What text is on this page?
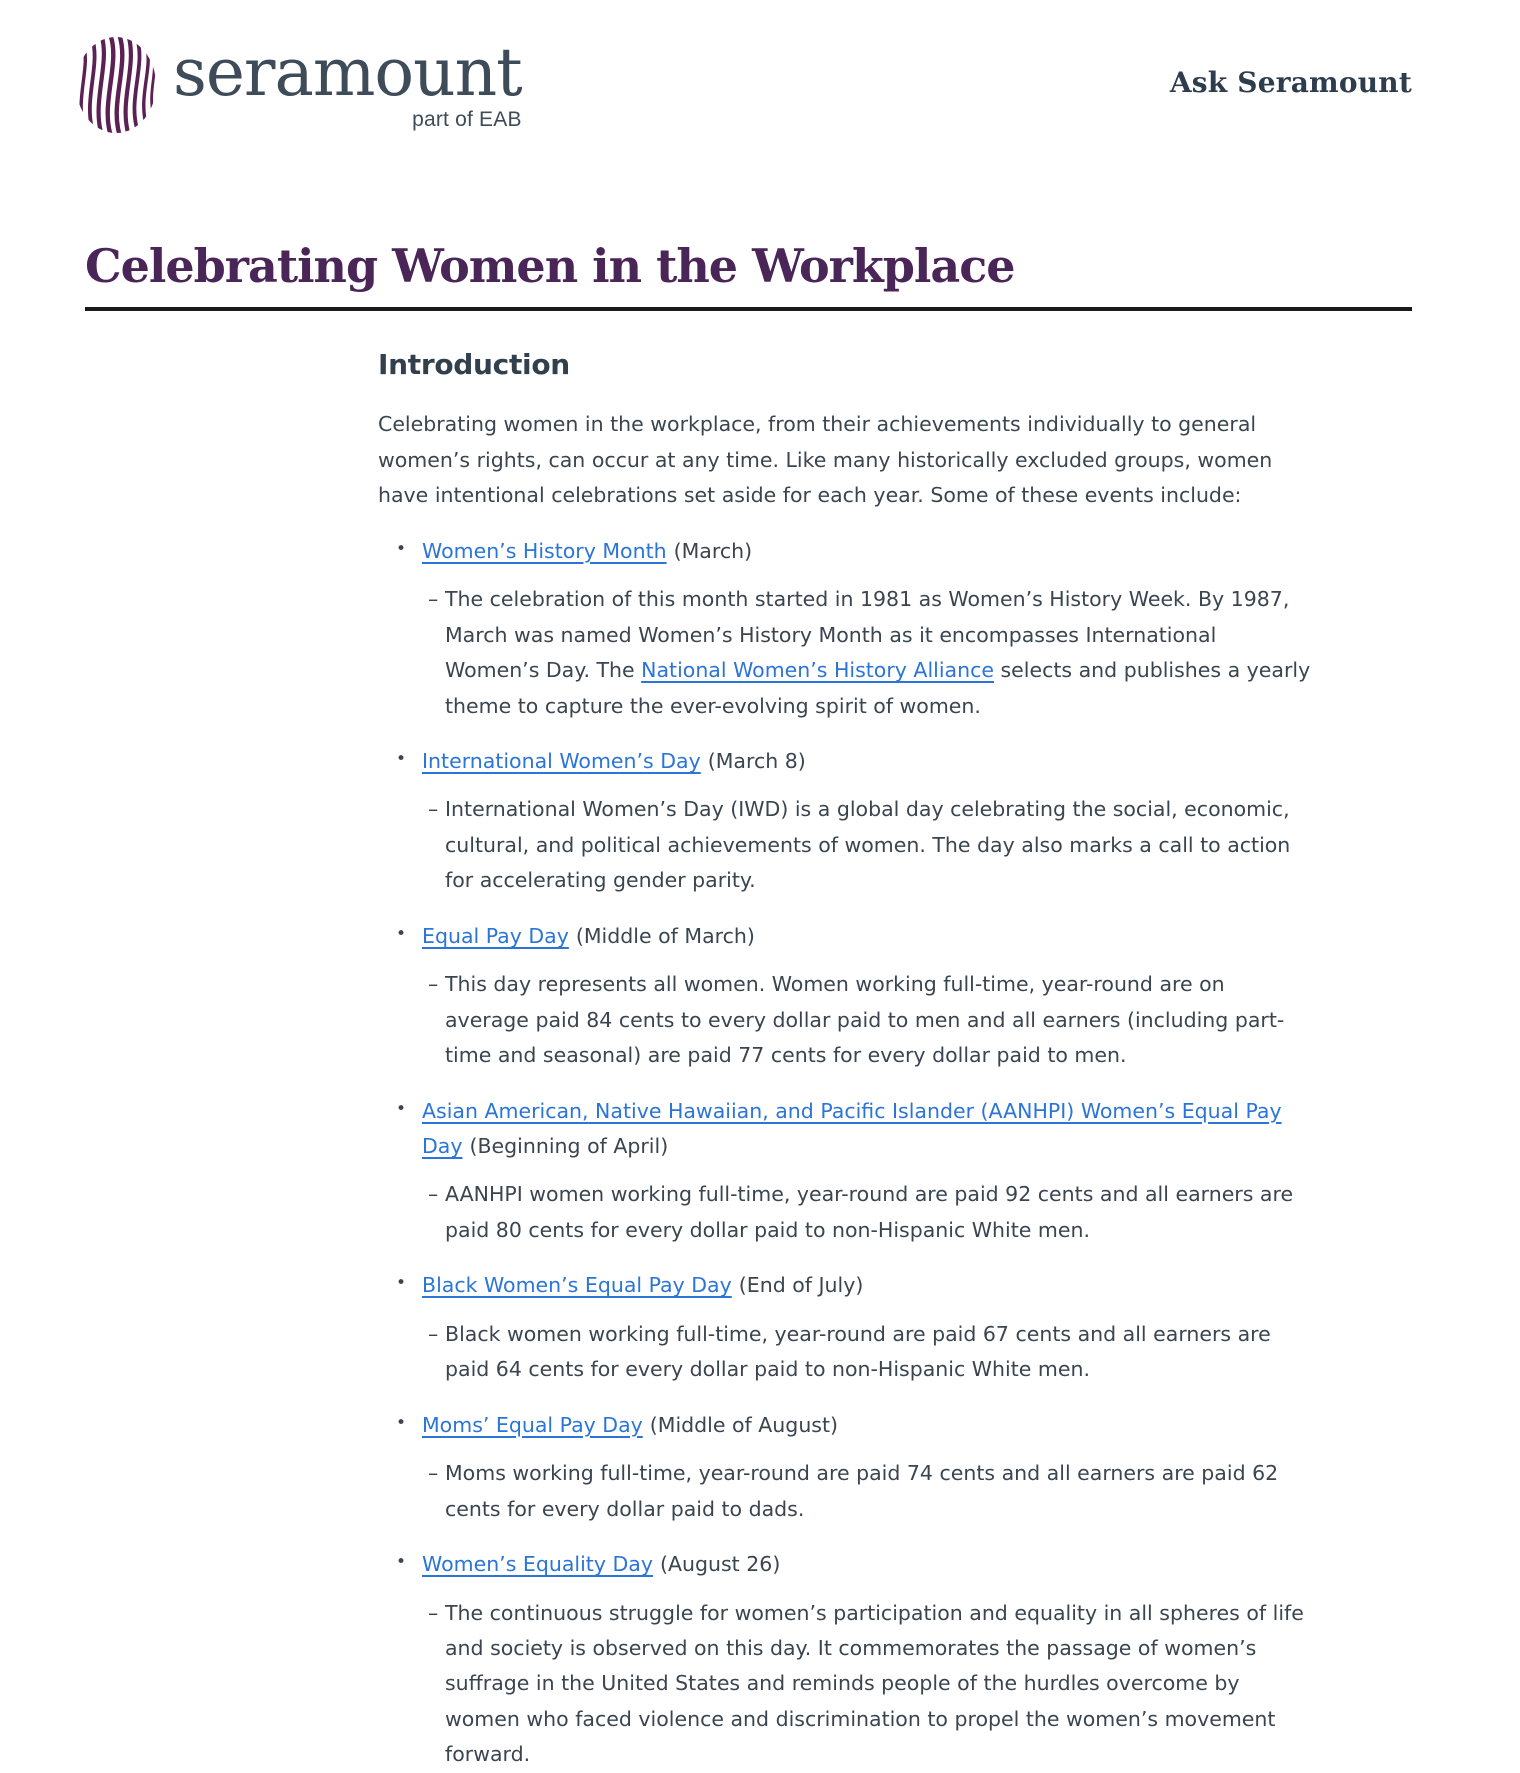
seramount
part of EAB
Ask Seramount
Celebrating Women in the Workplace
Introduction

Celebrating women in the workplace, from their achievements individually to general women’s rights, can occur at any time. Like many historically excluded groups, women have intentional celebrations set aside for each year. Some of these events include:

• Women’s History Month (March)
– The celebration of this month started in 1981 as Women’s History Week. By 1987, March was named Women’s History Month as it encompasses International Women’s Day. The National Women’s History Alliance selects and publishes a yearly theme to capture the ever-evolving spirit of women.

• International Women’s Day (March 8)
– International Women’s Day (IWD) is a global day celebrating the social, economic, cultural, and political achievements of women. The day also marks a call to action for accelerating gender parity.

• Equal Pay Day (Middle of March)
– This day represents all women. Women working full-time, year-round are on average paid 84 cents to every dollar paid to men and all earners (including part-time and seasonal) are paid 77 cents for every dollar paid to men.

• Asian American, Native Hawaiian, and Pacific Islander (AANHPI) Women’s Equal Pay Day (Beginning of April)
– AANHPI women working full-time, year-round are paid 92 cents and all earners are paid 80 cents for every dollar paid to non-Hispanic White men.

• Black Women’s Equal Pay Day (End of July)
– Black women working full-time, year-round are paid 67 cents and all earners are paid 64 cents for every dollar paid to non-Hispanic White men.

• Moms’ Equal Pay Day (Middle of August)
– Moms working full-time, year-round are paid 74 cents and all earners are paid 62 cents for every dollar paid to dads.

• Women’s Equality Day (August 26)
– The continuous struggle for women’s participation and equality in all spheres of life and society is observed on this day. It commemorates the passage of women’s suffrage in the United States and reminds people of the hurdles overcome by women who faced violence and discrimination to propel the women’s movement forward.
